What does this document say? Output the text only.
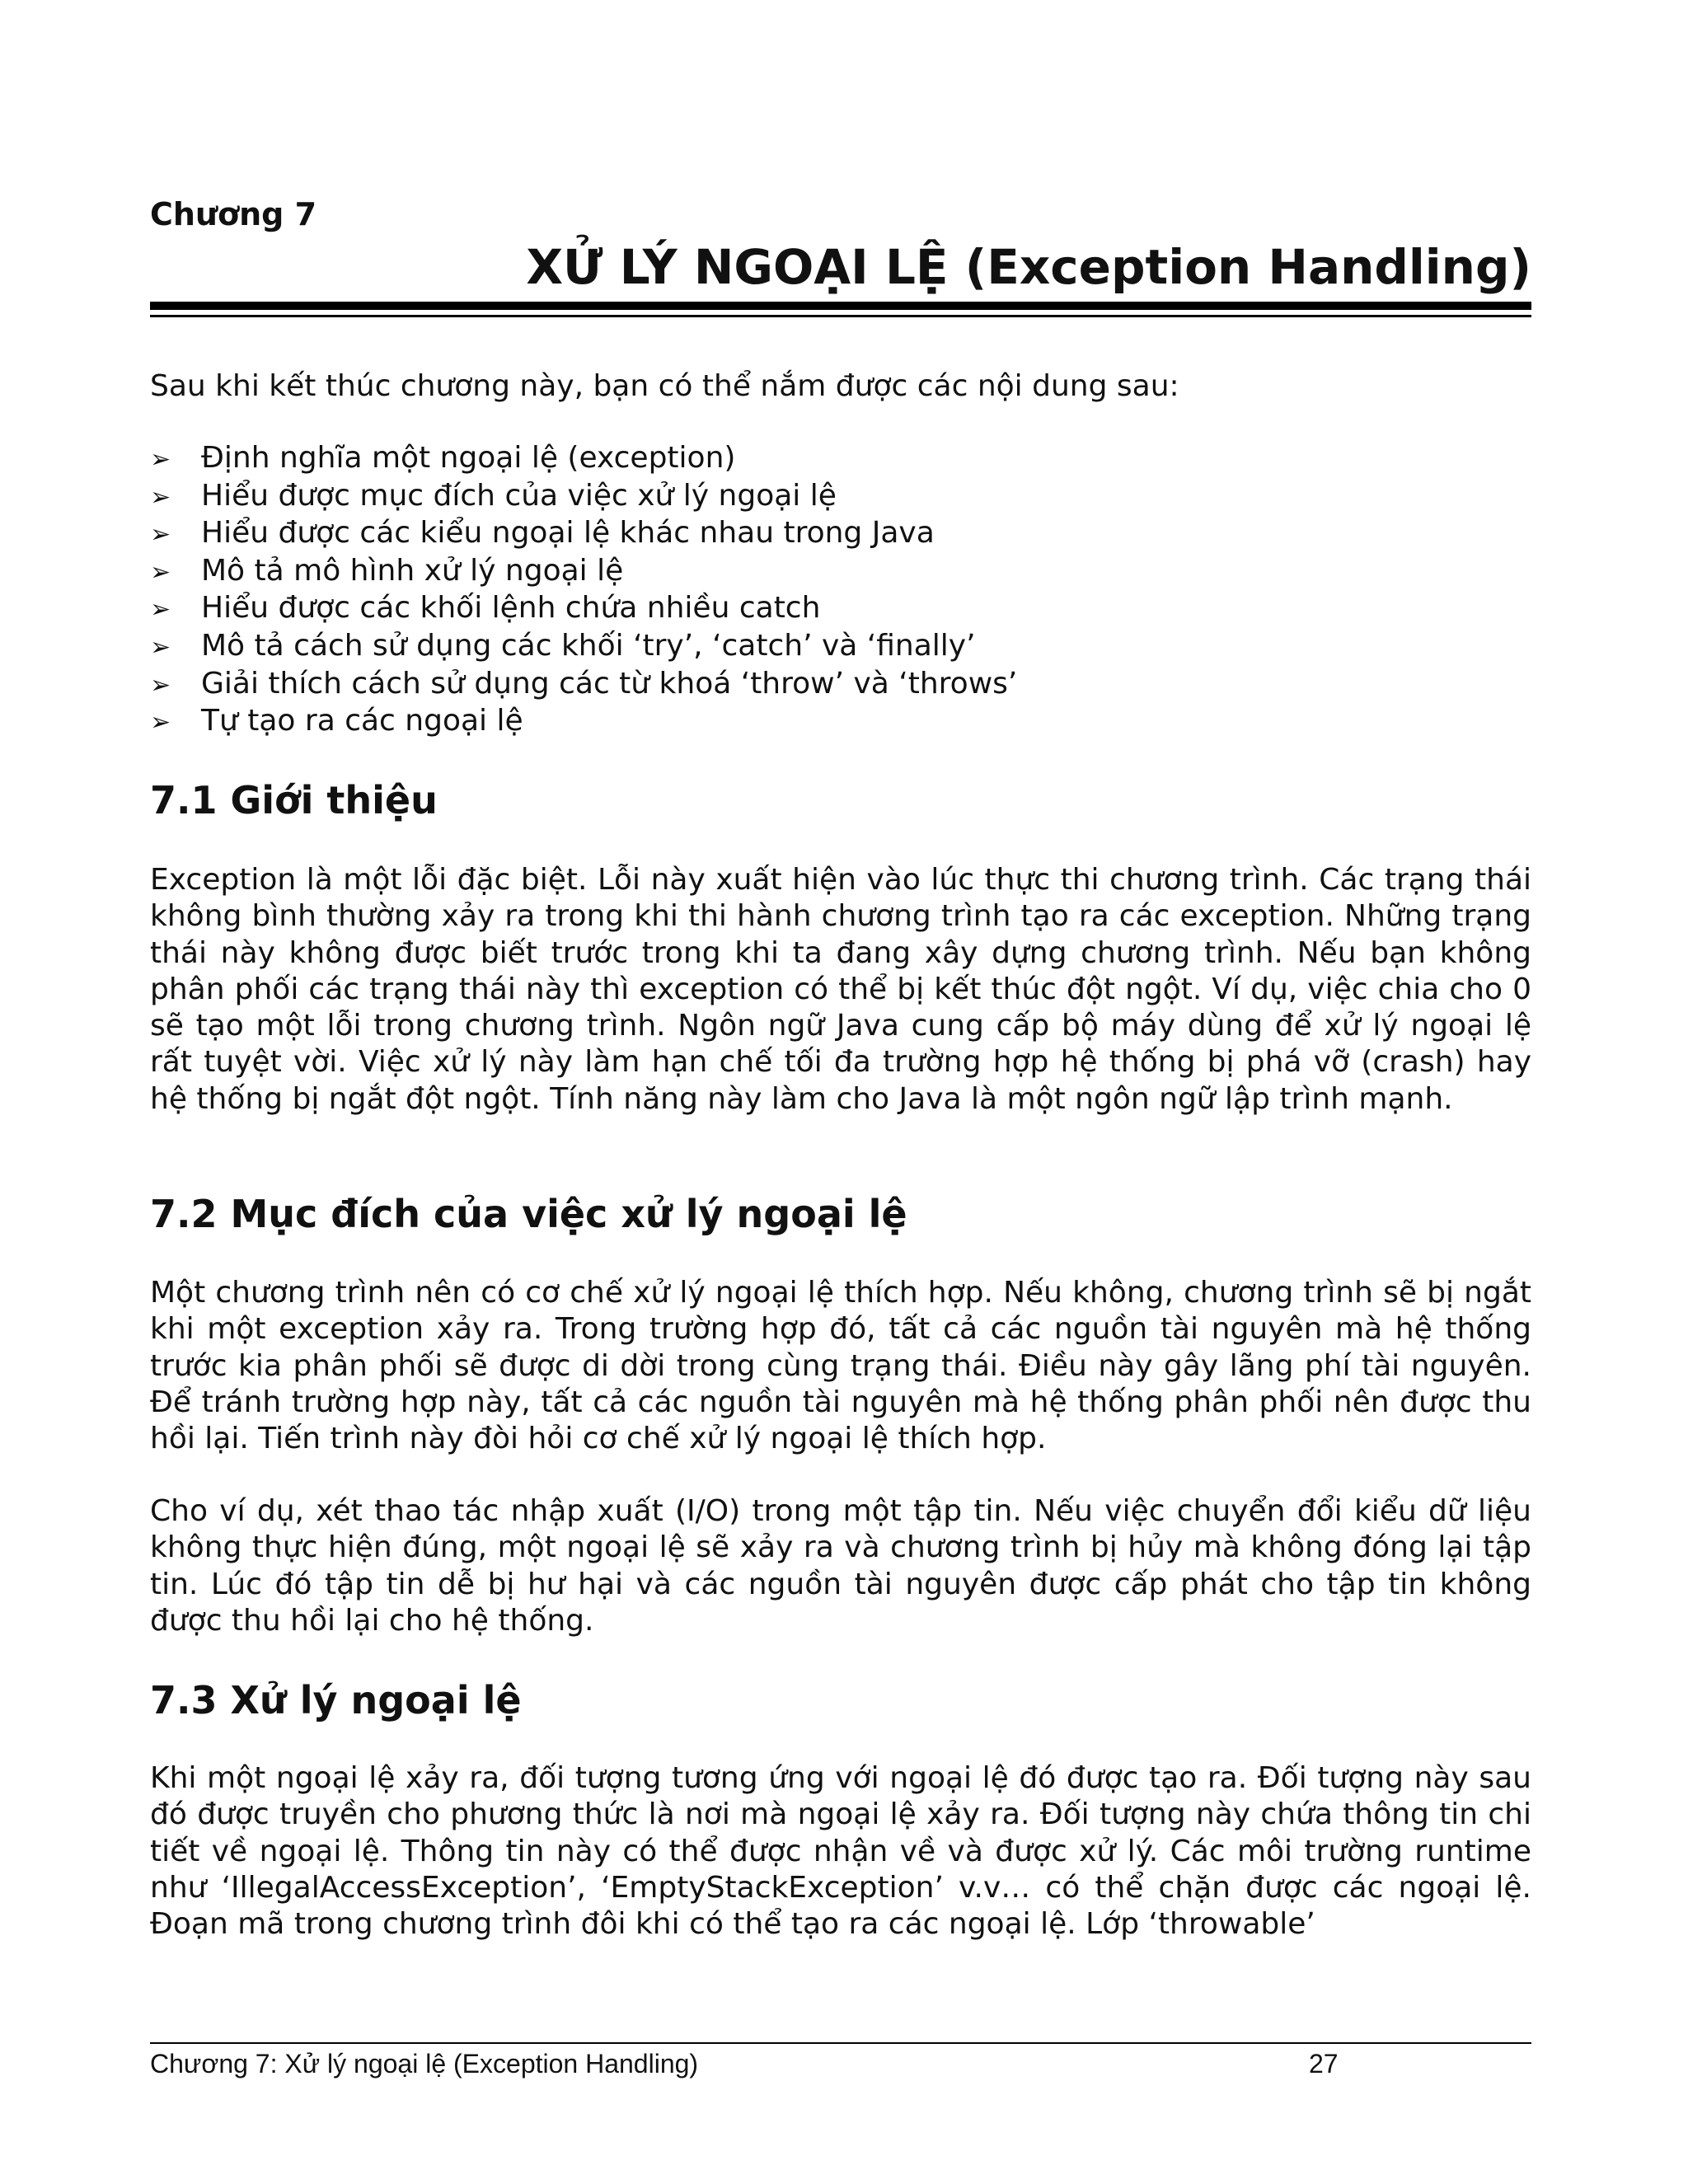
Chương 7
XỬ LÝ NGOẠI LỆ (Exception Handling)
Sau khi kết thúc chương này, bạn có thể nắm được các nội dung sau:
➢ Định nghĩa một ngoại lệ (exception)
➢ Hiểu được mục đích của việc xử lý ngoại lệ
➢ Hiểu được các kiểu ngoại lệ khác nhau trong Java
➢ Mô tả mô hình xử lý ngoại lệ
➢ Hiểu được các khối lệnh chứa nhiều catch
➢ Mô tả cách sử dụng các khối ‘try’, ‘catch’ và ‘finally’
➢ Giải thích cách sử dụng các từ khoá ‘throw’ và ‘throws’
➢ Tự tạo ra các ngoại lệ
7.1 Giới thiệu

Exception là một lỗi đặc biệt. Lỗi này xuất hiện vào lúc thực thi chương trình. Các trạng thái không bình thường xảy ra trong khi thi hành chương trình tạo ra các exception. Những trạng thái này không được biết trước trong khi ta đang xây dựng chương trình. Nếu bạn không phân phối các trạng thái này thì exception có thể bị kết thúc đột ngột. Ví dụ, việc chia cho 0 sẽ tạo một lỗi trong chương trình. Ngôn ngữ Java cung cấp bộ máy dùng để xử lý ngoại lệ rất tuyệt vời. Việc xử lý này làm hạn chế tối đa trường hợp hệ thống bị phá vỡ (crash) hay hệ thống bị ngắt đột ngột. Tính năng này làm cho Java là một ngôn ngữ lập trình mạnh.

7.2 Mục đích của việc xử lý ngoại lệ

Một chương trình nên có cơ chế xử lý ngoại lệ thích hợp. Nếu không, chương trình sẽ bị ngắt khi một exception xảy ra. Trong trường hợp đó, tất cả các nguồn tài nguyên mà hệ thống trước kia phân phối sẽ được di dời trong cùng trạng thái. Điều này gây lãng phí tài nguyên. Để tránh trường hợp này, tất cả các nguồn tài nguyên mà hệ thống phân phối nên được thu hồi lại. Tiến trình này đòi hỏi cơ chế xử lý ngoại lệ thích hợp.

Cho ví dụ, xét thao tác nhập xuất (I/O) trong một tập tin. Nếu việc chuyển đổi kiểu dữ liệu không thực hiện đúng, một ngoại lệ sẽ xảy ra và chương trình bị hủy mà không đóng lại tập tin. Lúc đó tập tin dễ bị hư hại và các nguồn tài nguyên được cấp phát cho tập tin không được thu hồi lại cho hệ thống.

7.3 Xử lý ngoại lệ

Khi một ngoại lệ xảy ra, đối tượng tương ứng với ngoại lệ đó được tạo ra. Đối tượng này sau đó được truyền cho phương thức là nơi mà ngoại lệ xảy ra. Đối tượng này chứa thông tin chi tiết về ngoại lệ. Thông tin này có thể được nhận về và được xử lý. Các môi trường runtime như ‘IllegalAccessException’, ‘EmptyStackException’ v.v… có thể chặn được các ngoại lệ. Đoạn mã trong chương trình đôi khi có thể tạo ra các ngoại lệ. Lớp ‘throwable’

Chương 7: Xử lý ngoại lệ (Exception Handling)	27
